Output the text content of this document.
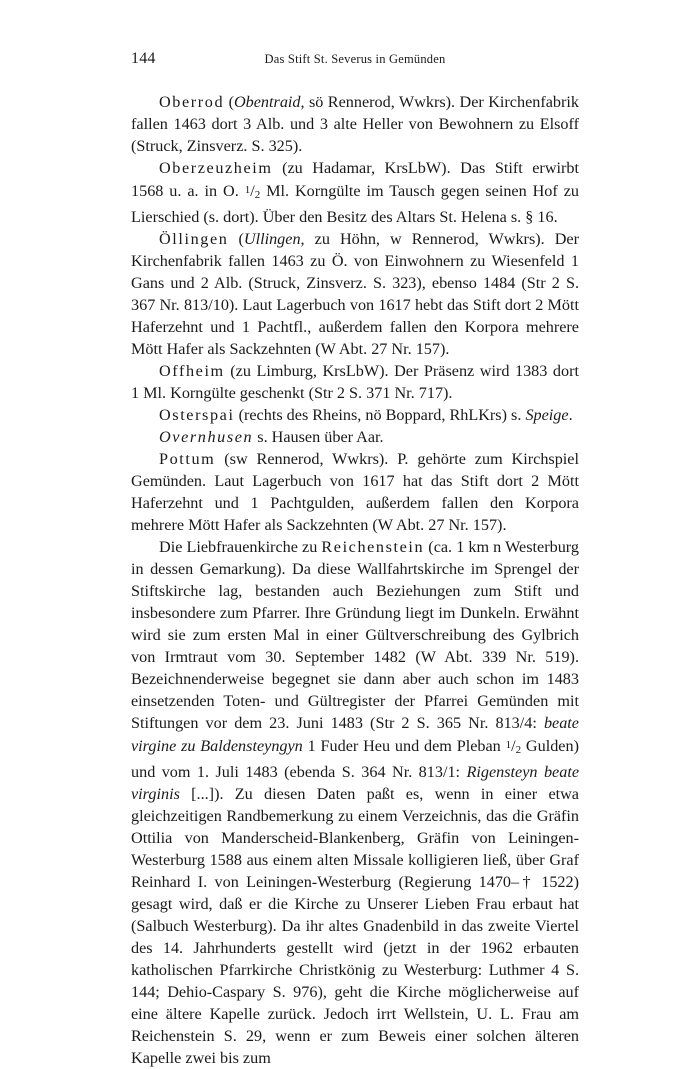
144	Das Stift St. Severus in Gemünden

Oberrod (Obentraid, sö Rennerod, Wwkrs). Der Kirchenfabrik fallen 1463 dort 3 Alb. und 3 alte Heller von Bewohnern zu Elsoff (Struck, Zinsverz. S. 325).

Oberzeuzheim (zu Hadamar, KrsLbW). Das Stift erwirbt 1568 u. a. in O. 1/2 Ml. Korngülte im Tausch gegen seinen Hof zu Lierschied (s. dort). Über den Besitz des Altars St. Helena s. § 16.

Öllingen (Ullingen, zu Höhn, w Rennerod, Wwkrs). Der Kirchenfabrik fallen 1463 zu Ö. von Einwohnern zu Wiesenfeld 1 Gans und 2 Alb. (Struck, Zinsverz. S. 323), ebenso 1484 (Str 2 S. 367 Nr. 813/10). Laut Lagerbuch von 1617 hebt das Stift dort 2 Mött Haferzehnt und 1 Pachtfl., außerdem fallen den Korpora mehrere Mött Hafer als Sackzehnten (W Abt. 27 Nr. 157).

Offheim (zu Limburg, KrsLbW). Der Präsenz wird 1383 dort 1 Ml. Korngülte geschenkt (Str 2 S. 371 Nr. 717).

Osterspai (rechts des Rheins, nö Boppard, RhLKrs) s. Speige.

Overnhusen s. Hausen über Aar.

Pottum (sw Rennerod, Wwkrs). P. gehörte zum Kirchspiel Gemünden. Laut Lagerbuch von 1617 hat das Stift dort 2 Mött Haferzehnt und 1 Pachtgulden, außerdem fallen den Korpora mehrere Mött Hafer als Sackzehnten (W Abt. 27 Nr. 157).

Die Liebfrauenkirche zu Reichenstein (ca. 1 km n Westerburg in dessen Gemarkung). Da diese Wallfahrtskirche im Sprengel der Stiftskirche lag, bestanden auch Beziehungen zum Stift und insbesondere zum Pfarrer. Ihre Gründung liegt im Dunkeln. Erwähnt wird sie zum ersten Mal in einer Gültverschreibung des Gylbrich von Irmtraut vom 30. September 1482 (W Abt. 339 Nr. 519). Bezeichnenderweise begegnet sie dann aber auch schon im 1483 einsetzenden Toten- und Gültregister der Pfarrei Gemünden mit Stiftungen vor dem 23. Juni 1483 (Str 2 S. 365 Nr. 813/4: beate virgine zu Baldensteyngyn 1 Fuder Heu und dem Pleban 1/2 Gulden) und vom 1. Juli 1483 (ebenda S. 364 Nr. 813/1: Rigensteyn beate virginis [...]). Zu diesen Daten paßt es, wenn in einer etwa gleichzeitigen Randbemerkung zu einem Verzeichnis, das die Gräfin Ottilia von Manderscheid-Blankenberg, Gräfin von Leiningen-Westerburg 1588 aus einem alten Missale kolligieren ließ, über Graf Reinhard I. von Leiningen-Westerburg (Regierung 1470–† 1522) gesagt wird, daß er die Kirche zu Unserer Lieben Frau erbaut hat (Salbuch Westerburg). Da ihr altes Gnadenbild in das zweite Viertel des 14. Jahrhunderts gestellt wird (jetzt in der 1962 erbauten katholischen Pfarrkirche Christkönig zu Westerburg: Luthmer 4 S. 144; Dehio-Caspary S. 976), geht die Kirche möglicherweise auf eine ältere Kapelle zurück. Jedoch irrt Wellstein, U. L. Frau am Reichenstein S. 29, wenn er zum Beweis einer solchen älteren Kapelle zwei bis zum
